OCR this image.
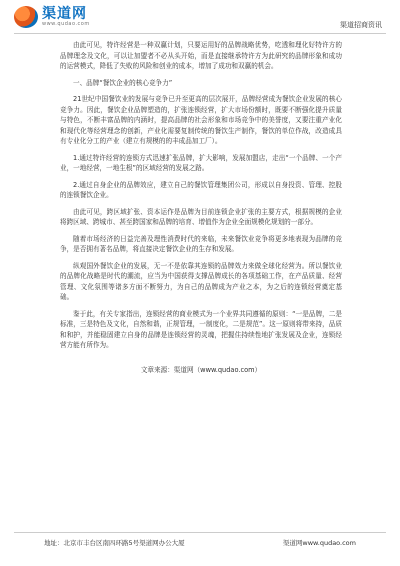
渠道网
www.qudao.com	渠道招商资讯

由此可见，特许经营是一种双赢计划，只要运用好的品牌战略优势，吃透和理化好特许方的品牌理念及文化，可以让加盟者不必从头开始，而是直接继承特许方为此研究的品牌形象和成功的运营模式，降低了失败的风险和创业的成本，增加了成功和双赢的机会。

一、品牌“餐饮企业的核心竞争力”

21世纪中国餐饮业的发展与竞争已升至更高的层次展开，品牌经营成为餐饮企业发展的核心竞争力。因此，餐饮企业品牌塑造的，扩张连锁经营，扩大市场份额时，既要不断强化提升质量与特色，不断丰富品牌的内涵时，提高品牌的社会形象和市场竞争中的美誉度，又要注重产业化和现代化等经营理念的创新，产业化需要复制传统的餐饮生产制作，餐饮的单位作战，改造成具有专业化分工的产业（建立有规模的的丰成品加工厂）。

1.通过特许经营的连锁方式迅速扩张品牌，扩大影响，发展加盟店，走出“一个品牌、一个产业，一地经营，一地生根”的区域经营的发展之路。

2.通过自身企业的品牌效应，建立自己的餐饮管理集团公司，形成以自身投资、管理、控股的连锁餐饮企业。

由此可见，跨区域扩张、资本运作是品牌为目前连锁企业扩张的主要方式，根据规模的企业将跨区域、跨城市、甚至跨国家和品牌的培育、增值作为企业全面规模化规划的一部分。

随着市场经济的日益完善及理性消费时代的来临，未来餐饮业竞争将更多地表现为品牌的竞争，是否拥有著名品牌，将直接决定餐饮企业的生存和发展。

纵观国外餐饮企业的发展，无一不是依靠其连锁的品牌效力来做全球化经营为。所以餐饮业的品牌化战略是时代的潮流，应当为中国获得支撑品牌成长的各项基础工作，在产品质量、经营管理、文化氛围等诸多方面不断努力，为自己的品牌成为产业之本，为之后的连锁经营奠定基础。

鉴于此，有关专家指出，连锁经营的商业模式为一个业界共同遵循的原则：“一是品牌，二是标准，三是特色及文化，自然和谐，正规管理，一制度化，二是规范”。这一原则将带来持，品质和和护，并能稳固建立自身的品牌是连锁经营的灵魂，把握住持续性地扩张发展及企业，连锁经营方能有所作为。

文章来源：渠道网（www.qudao.com）

地址：北京市丰台区南四环路5号渠道网办公大厦	渠道网www.qudao.com
